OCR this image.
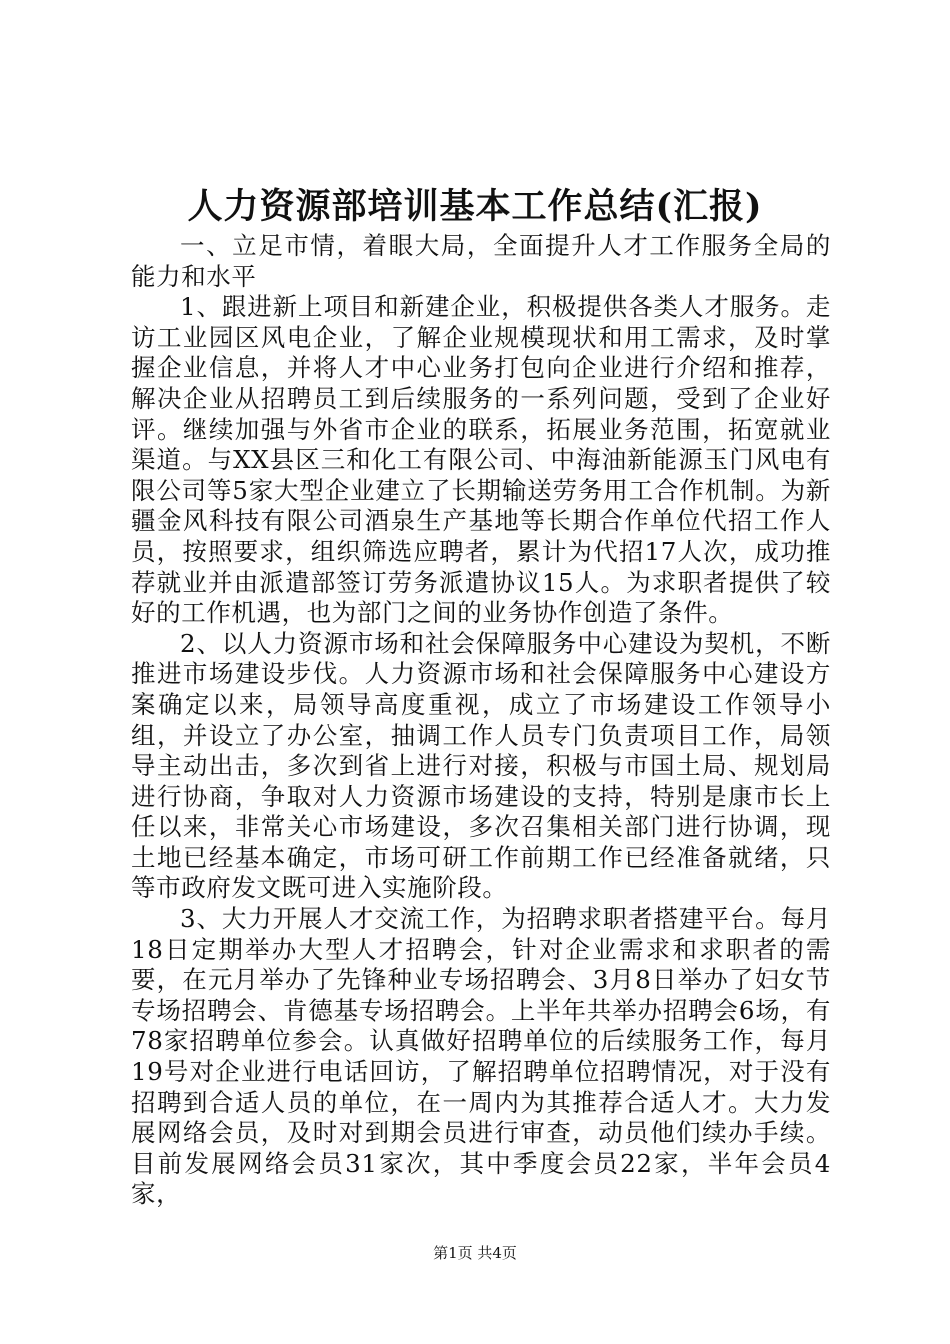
人力资源部培训基本工作总结(汇报)

一、立足市情，着眼大局，全面提升人才工作服务全局的能力和水平

1、跟进新上项目和新建企业，积极提供各类人才服务。走访工业园区风电企业，了解企业规模现状和用工需求，及时掌握企业信息，并将人才中心业务打包向企业进行介绍和推荐，解决企业从招聘员工到后续服务的一系列问题，受到了企业好评。继续加强与外省市企业的联系，拓展业务范围，拓宽就业渠道。与XX县区三和化工有限公司、中海油新能源玉门风电有限公司等5家大型企业建立了长期输送劳务用工合作机制。为新疆金风科技有限公司酒泉生产基地等长期合作单位代招工作人员，按照要求，组织筛选应聘者，累计为代招17人次，成功推荐就业并由派遣部签订劳务派遣协议15人。为求职者提供了较好的工作机遇，也为部门之间的业务协作创造了条件。

2、以人力资源市场和社会保障服务中心建设为契机，不断推进市场建设步伐。人力资源市场和社会保障服务中心建设方案确定以来，局领导高度重视，成立了市场建设工作领导小组，并设立了办公室，抽调工作人员专门负责项目工作，局领导主动出击，多次到省上进行对接，积极与市国土局、规划局进行协商，争取对人力资源市场建设的支持，特别是康市长上任以来，非常关心市场建设，多次召集相关部门进行协调，现土地已经基本确定，市场可研工作前期工作已经准备就绪，只等市政府发文既可进入实施阶段。

3、大力开展人才交流工作，为招聘求职者搭建平台。每月18日定期举办大型人才招聘会，针对企业需求和求职者的需要，在元月举办了先锋种业专场招聘会、3月8日举办了妇女节专场招聘会、肯德基专场招聘会。上半年共举办招聘会6场，有78家招聘单位参会。认真做好招聘单位的后续服务工作，每月19号对企业进行电话回访，了解招聘单位招聘情况，对于没有招聘到合适人员的单位，在一周内为其推荐合适人才。大力发展网络会员，及时对到期会员进行审查，动员他们续办手续。目前发展网络会员31家次，其中季度会员22家，半年会员4家，

第1页 共4页
